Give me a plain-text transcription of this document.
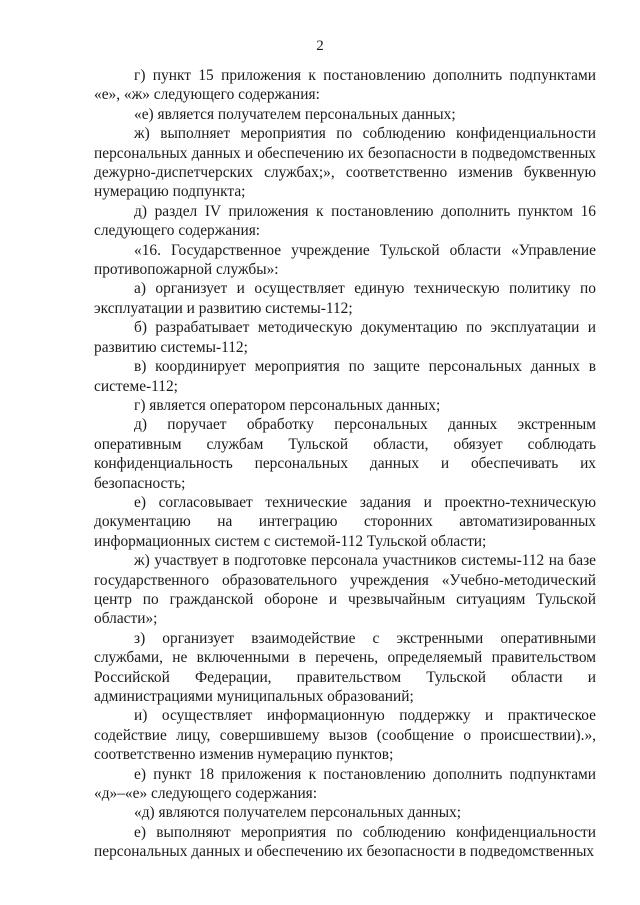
2

г) пункт 15 приложения к постановлению дополнить подпунктами «е», «ж» следующего содержания:

«е) является получателем персональных данных;

ж) выполняет мероприятия по соблюдению конфиденциальности персональных данных и обеспечению их безопасности в подведомственных дежурно-диспетчерских службах;», соответственно изменив буквенную нумерацию подпункта;

д) раздел IV приложения к постановлению дополнить пунктом 16 следующего содержания:

«16. Государственное учреждение Тульской области «Управление противопожарной службы»:

а) организует и осуществляет единую техническую политику по эксплуатации и развитию системы-112;

б) разрабатывает методическую документацию по эксплуатации и развитию системы-112;

в) координирует мероприятия по защите персональных данных в системе-112;

г) является оператором персональных данных;

д) поручает обработку персональных данных экстренным оперативным службам Тульской области, обязует соблюдать конфиденциальность персональных данных и обеспечивать их безопасность;

е) согласовывает технические задания и проектно-техническую документацию на интеграцию сторонних автоматизированных информационных систем с системой-112 Тульской области;

ж) участвует в подготовке персонала участников системы-112 на базе государственного образовательного учреждения «Учебно-методический центр по гражданской обороне и чрезвычайным ситуациям Тульской области»;

з) организует взаимодействие с экстренными оперативными службами, не включенными в перечень, определяемый правительством Российской Федерации, правительством Тульской области и администрациями муниципальных образований;

и) осуществляет информационную поддержку и практическое содействие лицу, совершившему вызов (сообщение о происшествии).», соответственно изменив нумерацию пунктов;

е) пункт 18 приложения к постановлению дополнить подпунктами «д»–«е» следующего содержания:

«д) являются получателем персональных данных;

е) выполняют мероприятия по соблюдению конфиденциальности персональных данных и обеспечению их безопасности в подведомственных
